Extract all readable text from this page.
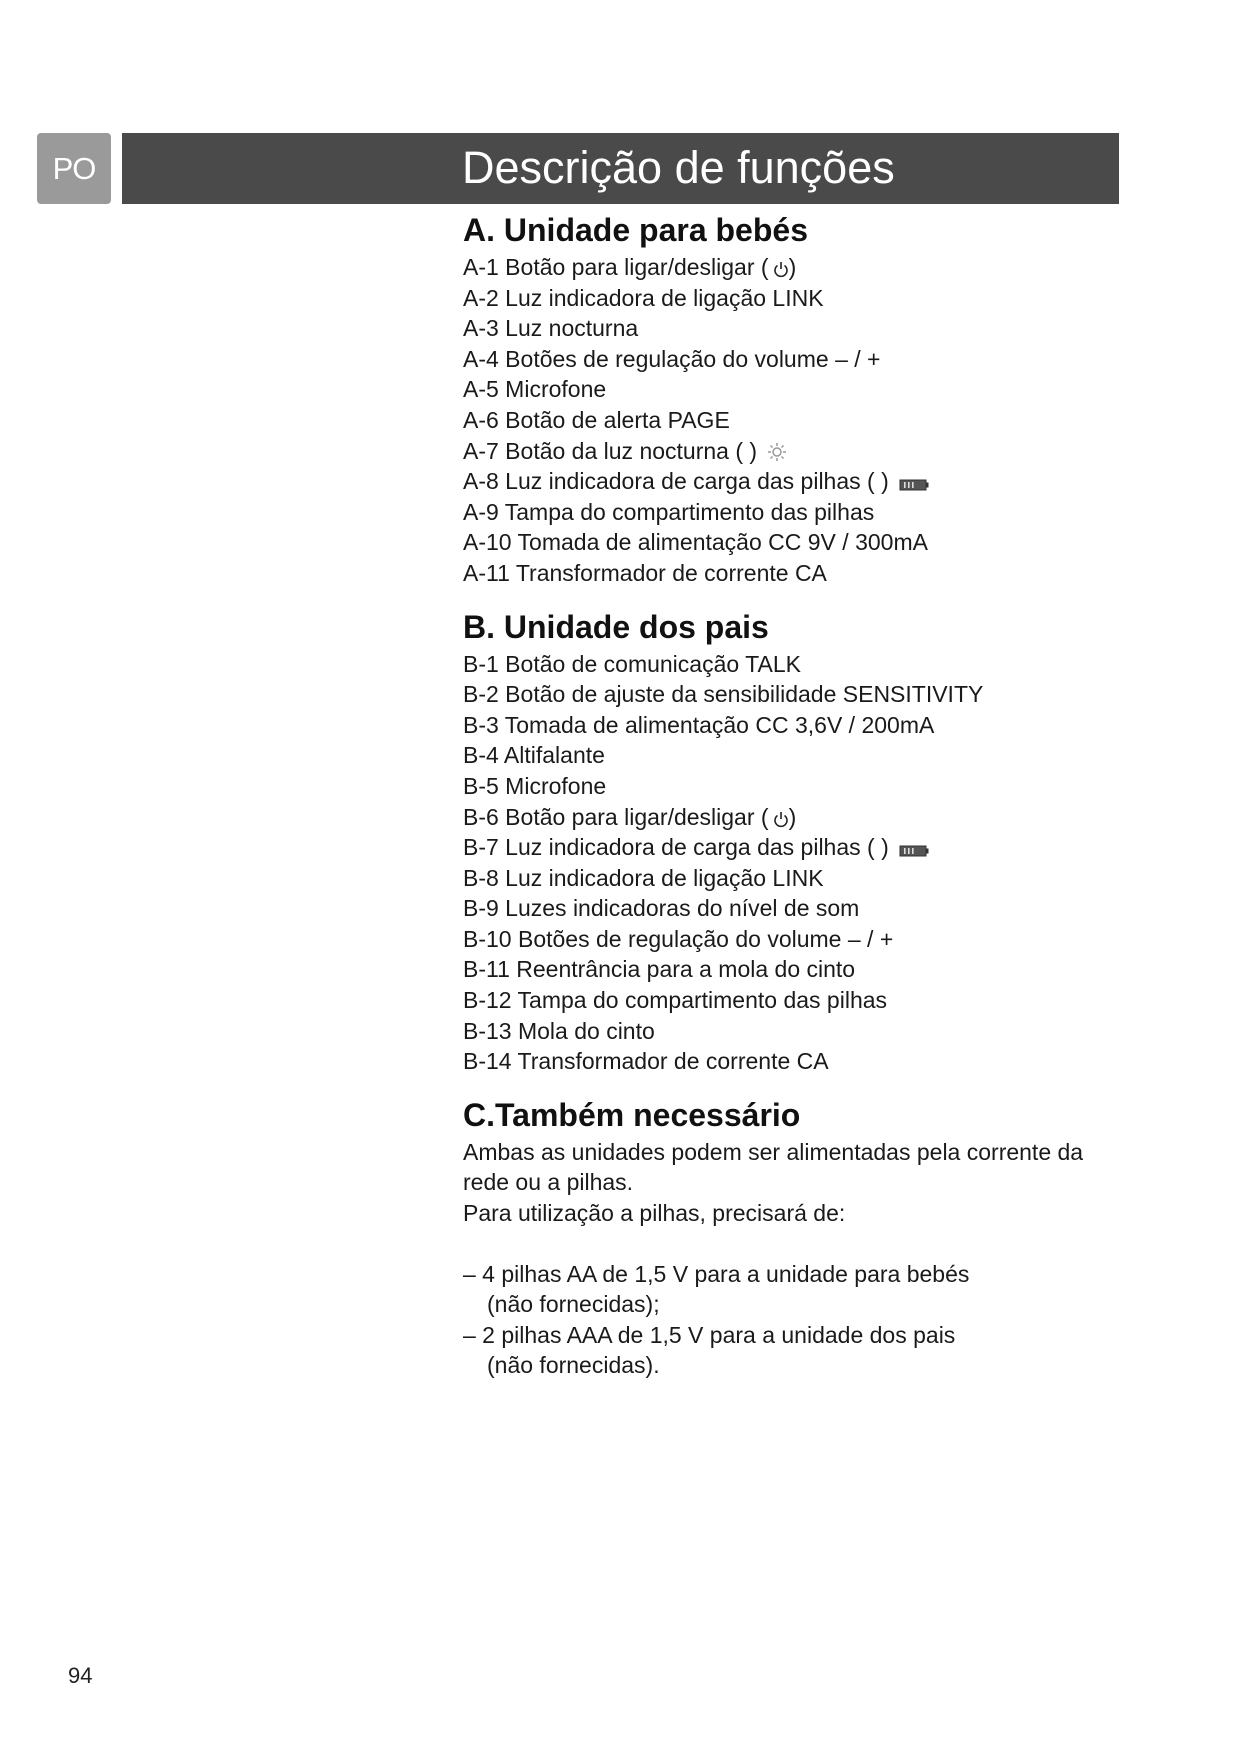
PO	Descrição de funções
A. Unidade para bebés
A-1 Botão para ligar/desligar ( )
A-2 Luz indicadora de ligação LINK
A-3 Luz nocturna
A-4 Botões de regulação do volume – / +
A-5 Microfone
A-6 Botão de alerta PAGE
A-7 Botão da luz nocturna ( )
A-8 Luz indicadora de carga das pilhas ( )
A-9 Tampa do compartimento das pilhas
A-10 Tomada de alimentação CC 9V / 300mA
A-11 Transformador de corrente CA
B. Unidade dos pais
B-1 Botão de comunicação TALK
B-2 Botão de ajuste da sensibilidade SENSITIVITY
B-3 Tomada de alimentação CC 3,6V / 200mA
B-4 Altifalante
B-5 Microfone
B-6 Botão para ligar/desligar ( )
B-7 Luz indicadora de carga das pilhas ( )
B-8 Luz indicadora de ligação LINK
B-9 Luzes indicadoras do nível de som
B-10 Botões de regulação do volume – / +
B-11 Reentrância para a mola do cinto
B-12 Tampa do compartimento das pilhas
B-13 Mola do cinto
B-14 Transformador de corrente CA
C.Também necessário
Ambas as unidades podem ser alimentadas pela corrente da
rede ou a pilhas.
Para utilização a pilhas, precisará de:
– 4 pilhas AA de 1,5 V para a unidade para bebés
(não fornecidas);
– 2 pilhas AAA de 1,5 V para a unidade dos pais
(não fornecidas).
94
